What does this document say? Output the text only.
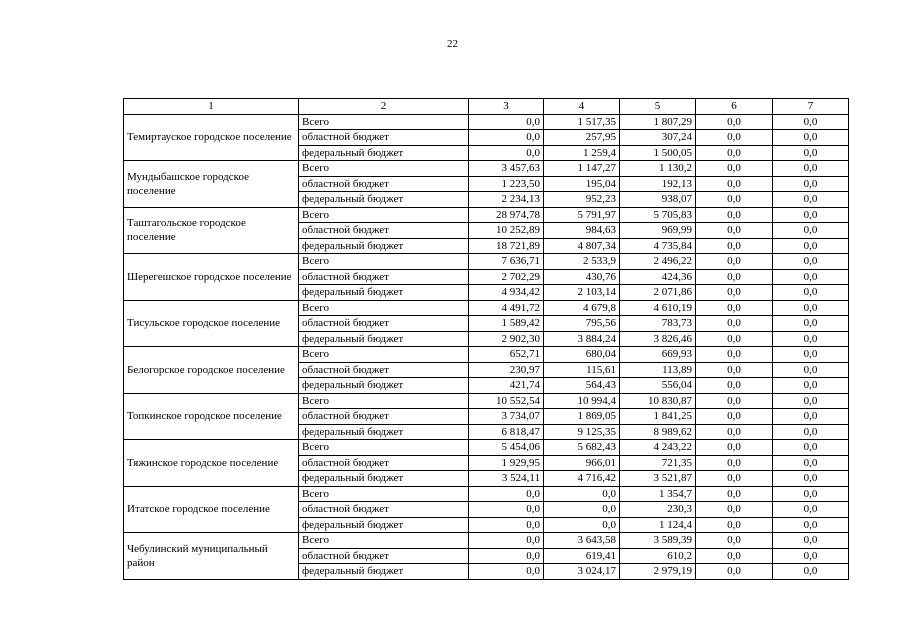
22
1	2	3	4	5	6	7
Темиртауское городское поселение	Всего	0,0	1 517,35	1 807,29	0,0	0,0
	областной бюджет	0,0	257,95	307,24	0,0	0,0
	федеральный бюджет	0,0	1 259,4	1 500,05	0,0	0,0
Мундыбашское городское поселение	Всего	3 457,63	1 147,27	1 130,2	0,0	0,0
	областной бюджет	1 223,50	195,04	192,13	0,0	0,0
	федеральный бюджет	2 234,13	952,23	938,07	0,0	0,0
Таштагольское городское поселение	Всего	28 974,78	5 791,97	5 705,83	0,0	0,0
	областной бюджет	10 252,89	984,63	969,99	0,0	0,0
	федеральный бюджет	18 721,89	4 807,34	4 735,84	0,0	0,0
Шерегешское городское поселение	Всего	7 636,71	2 533,9	2 496,22	0,0	0,0
	областной бюджет	2 702,29	430,76	424,36	0,0	0,0
	федеральный бюджет	4 934,42	2 103,14	2 071,86	0,0	0,0
Тисульское городское поселение	Всего	4 491,72	4 679,8	4 610,19	0,0	0,0
	областной бюджет	1 589,42	795,56	783,73	0,0	0,0
	федеральный бюджет	2 902,30	3 884,24	3 826,46	0,0	0,0
Белогорское городское поселение	Всего	652,71	680,04	669,93	0,0	0,0
	областной бюджет	230,97	115,61	113,89	0,0	0,0
	федеральный бюджет	421,74	564,43	556,04	0,0	0,0
Топкинское городское поселение	Всего	10 552,54	10 994,4	10 830,87	0,0	0,0
	областной бюджет	3 734,07	1 869,05	1 841,25	0,0	0,0
	федеральный бюджет	6 818,47	9 125,35	8 989,62	0,0	0,0
Тяжинское городское поселение	Всего	5 454,06	5 682,43	4 243,22	0,0	0,0
	областной бюджет	1 929,95	966,01	721,35	0,0	0,0
	федеральный бюджет	3 524,11	4 716,42	3 521,87	0,0	0,0
Итатское городское поселение	Всего	0,0	0,0	1 354,7	0,0	0,0
	областной бюджет	0,0	0,0	230,3	0,0	0,0
	федеральный бюджет	0,0	0,0	1 124,4	0,0	0,0
Чебулинский муниципальный район	Всего	0,0	3 643,58	3 589,39	0,0	0,0
	областной бюджет	0,0	619,41	610,2	0,0	0,0
	федеральный бюджет	0,0	3 024,17	2 979,19	0,0	0,0
